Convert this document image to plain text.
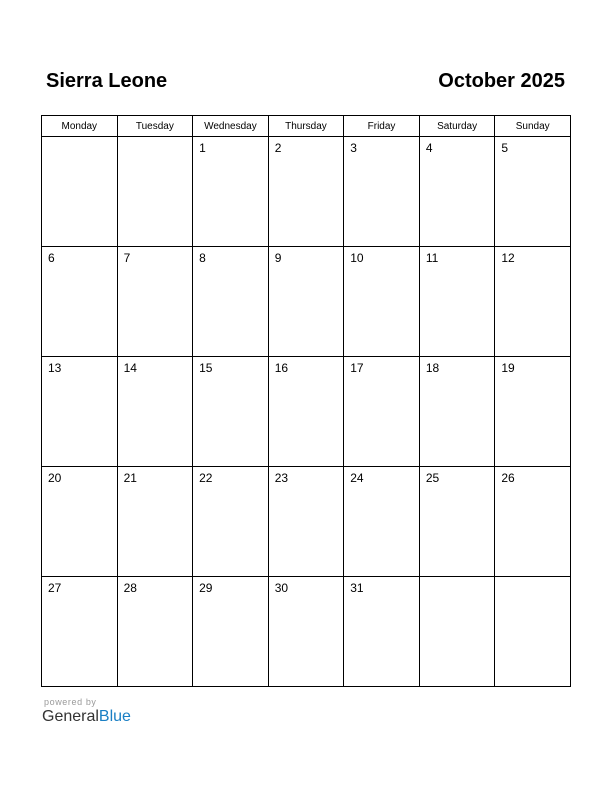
Sierra Leone	October 2025
Monday	Tuesday	Wednesday	Thursday	Friday	Saturday	Sunday

		1	2	3	4	5

6	7	8	9	10	11	12

13	14	15	16	17	18	19

20	21	22	23	24	25	26

27	28	29	30	31		

powered by
GeneralBlue
